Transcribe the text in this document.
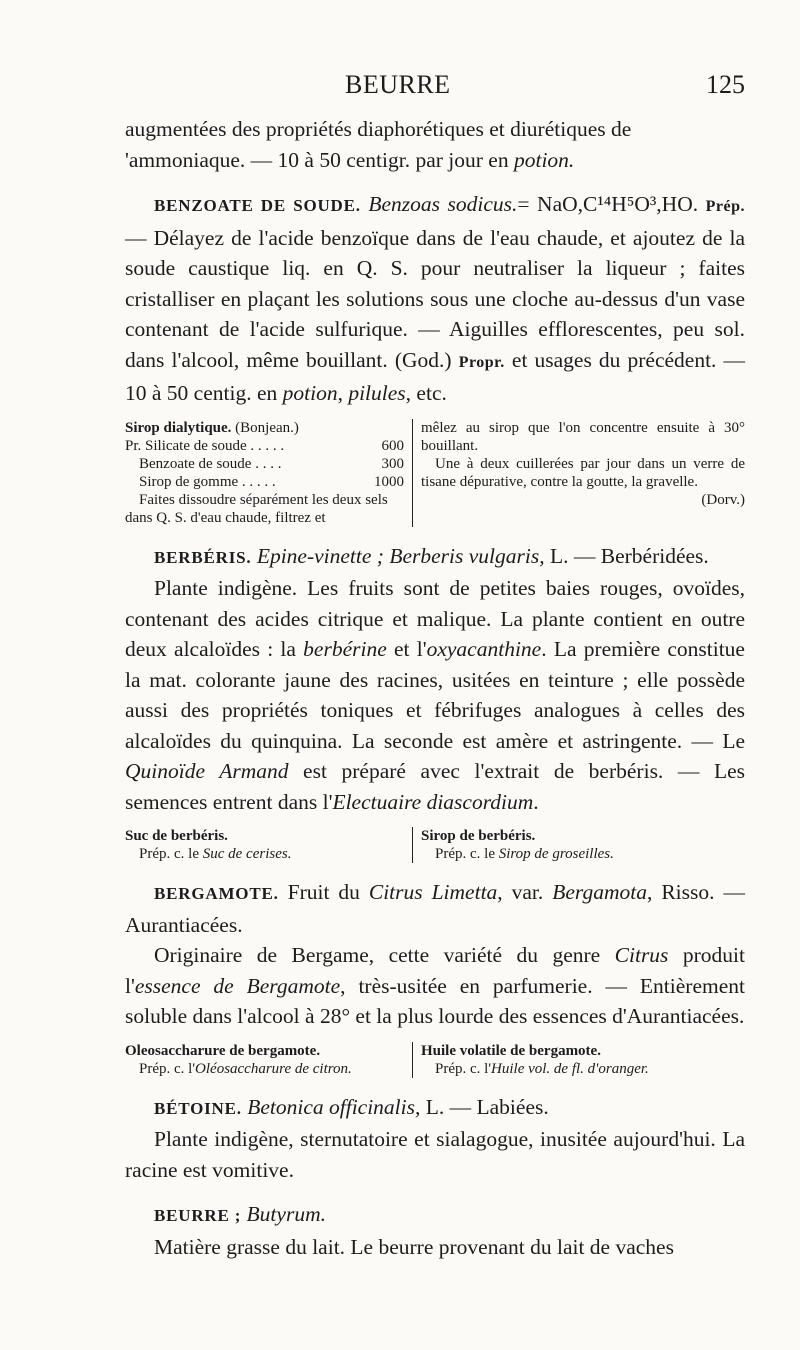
BEURRE	125

augmentées des propriétés diaphorétiques et diurétiques de
'ammoniaque. — 10 à 50 centigr. par jour en potion.

BENZOATE DE SOUDE. Benzoas sodicus.= NaO,C¹⁴H⁵O³,HO. Prép. — Délayez de l'acide benzoïque dans de l'eau chaude, et ajoutez de la soude caustique liq. en Q. S. pour neutraliser la liqueur ; faites cristalliser en plaçant les solutions sous une cloche au-dessus d'un vase contenant de l'acide sulfurique. — Aiguilles efflorescentes, peu sol. dans l'alcool, même bouillant. (God.) Propr. et usages du précédent. — 10 à 50 centig. en potion, pilules, etc.

Sirop dialytique. (Bonjean.)
Pr. Silicate de soude . . . . .	600
Benzoate de soude . . . .	300
Sirop de gomme . . . . .	1000
Faites dissoudre séparément les deux sels dans Q. S. d'eau chaude, filtrez et
mêlez au sirop que l'on concentre ensuite à 30° bouillant.
Une à deux cuillerées par jour dans un verre de tisane dépurative, contre la goutte, la gravelle.
(Dorv.)

BERBÉRIS. Epine-vinette ; Berberis vulgaris, L. — Berbéridées.

Plante indigène. Les fruits sont de petites baies rouges, ovoïdes, contenant des acides citrique et malique. La plante contient en outre deux alcaloïdes : la berbérine et l'oxyacanthine. La première constitue la mat. colorante jaune des racines, usitées en teinture ; elle possède aussi des propriétés toniques et fébrifuges analogues à celles des alcaloïdes du quinquina. La seconde est amère et astringente. — Le Quinoïde Armand est préparé avec l'extrait de berbéris. — Les semences entrent dans l'Electuaire diascordium.

Suc de berbéris.
Prép. c. le Suc de cerises.
Sirop de berbéris.
Prép. c. le Sirop de groseilles.

BERGAMOTE. Fruit du Citrus Limetta, var. Bergamota, Risso. — Aurantiacées.

Originaire de Bergame, cette variété du genre Citrus produit l'essence de Bergamote, très-usitée en parfumerie. — Entièrement soluble dans l'alcool à 28° et la plus lourde des essences d'Aurantiacées.

Oleosaccharure de bergamote.
Prép. c. l'Oléosaccharure de citron.
Huile volatile de bergamote.
Prép. c. l'Huile vol. de fl. d'oranger.

BÉTOINE. Betonica officinalis, L. — Labiées.

Plante indigène, sternutatoire et sialagogue, inusitée aujourd'hui. La racine est vomitive.

BEURRE ; Butyrum.

Matière grasse du lait. Le beurre provenant du lait de vaches
